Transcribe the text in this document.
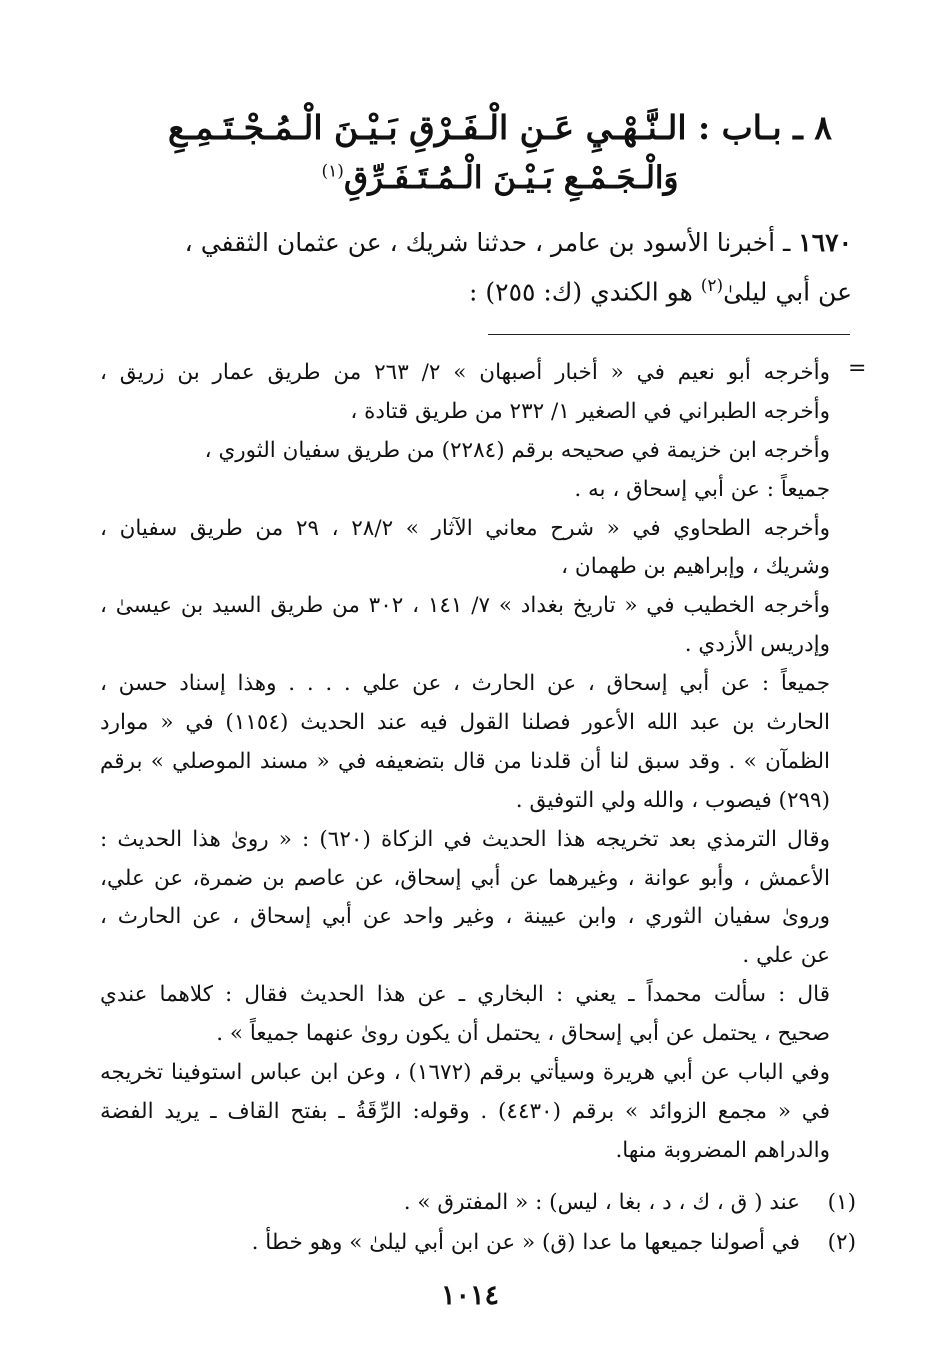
٨ ـ بـاب : الـنَّـهْـيِ عَـنِ الْـفَـرْقِ بَـيْـنَ الْـمُـجْـتَـمِـعِ
وَالْـجَـمْـعِ بَـيْـنَ الْـمُـتَـفَـرِّقِ$^{(١)}$
١٦٧٠ ـ أخبرنا الأسود بن عامر ، حدثنا شريك ، عن عثمان الثقفي ،
عن أبي ليلىٰ$^{(٢)}$ هو الكندي (ك: ٢٥٥) :
=
وأخرجه أبو نعيم في « أخبار أصبهان » ٢/ ٢٦٣ من طريق عمار بن زريق ،
وأخرجه الطبراني في الصغير ١/ ٢٣٢ من طريق قتادة ،
وأخرجه ابن خزيمة في صحيحه برقم (٢٢٨٤) من طريق سفيان الثوري ،
جميعاً : عن أبي إسحاق ، به .
وأخرجه الطحاوي في « شرح معاني الآثار » ٢٨/٢ ، ٢٩ من طريق سفيان ،
وشريك ، وإبراهيم بن طهمان ،
وأخرجه الخطيب في « تاريخ بغداد » ٧/ ١٤١ ، ٣٠٢ من طريق السيد بن عيسىٰ ،
وإدريس الأزدي .
جميعاً : عن أبي إسحاق ، عن الحارث ، عن علي . . . . وهذا إسناد حسن ،
الحارث بن عبد الله الأعور فصلنا القول فيه عند الحديث (١١٥٤) في « موارد
الظمآن » . وقد سبق لنا أن قلدنا من قال بتضعيفه في « مسند الموصلي » برقم
(٢٩٩) فيصوب ، والله ولي التوفيق .
وقال الترمذي بعد تخريجه هذا الحديث في الزكاة (٦٢٠) : « روىٰ هذا الحديث :
الأعمش ، وأبو عوانة ، وغيرهما عن أبي إسحاق، عن عاصم بن ضمرة، عن علي،
ورویٰ سفيان الثوري ، وابن عيينة ، وغير واحد عن أبي إسحاق ، عن الحارث ،
عن علي .
قال : سألت محمداً ـ يعني : البخاري ـ عن هذا الحديث فقال : كلاهما عندي
صحيح ، يحتمل عن أبي إسحاق ، يحتمل أن يكون روىٰ عنهما جميعاً » .
وفي الباب عن أبي هريرة وسيأتي برقم (١٦٧٢) ، وعن ابن عباس استوفينا تخريجه
في « مجمع الزوائد » برقم (٤٤٣٠) . وقوله: الرِّقَةُ ـ بفتح القاف ـ يريد الفضة
والدراهم المضروبة منها.
(١)عند ( ق ، ك ، د ، بغا ، ليس) : « المفترق » .
(٢)في أصولنا جميعها ما عدا (ق) « عن ابن أبي ليلىٰ » وهو خطأ .
١٠١٤
